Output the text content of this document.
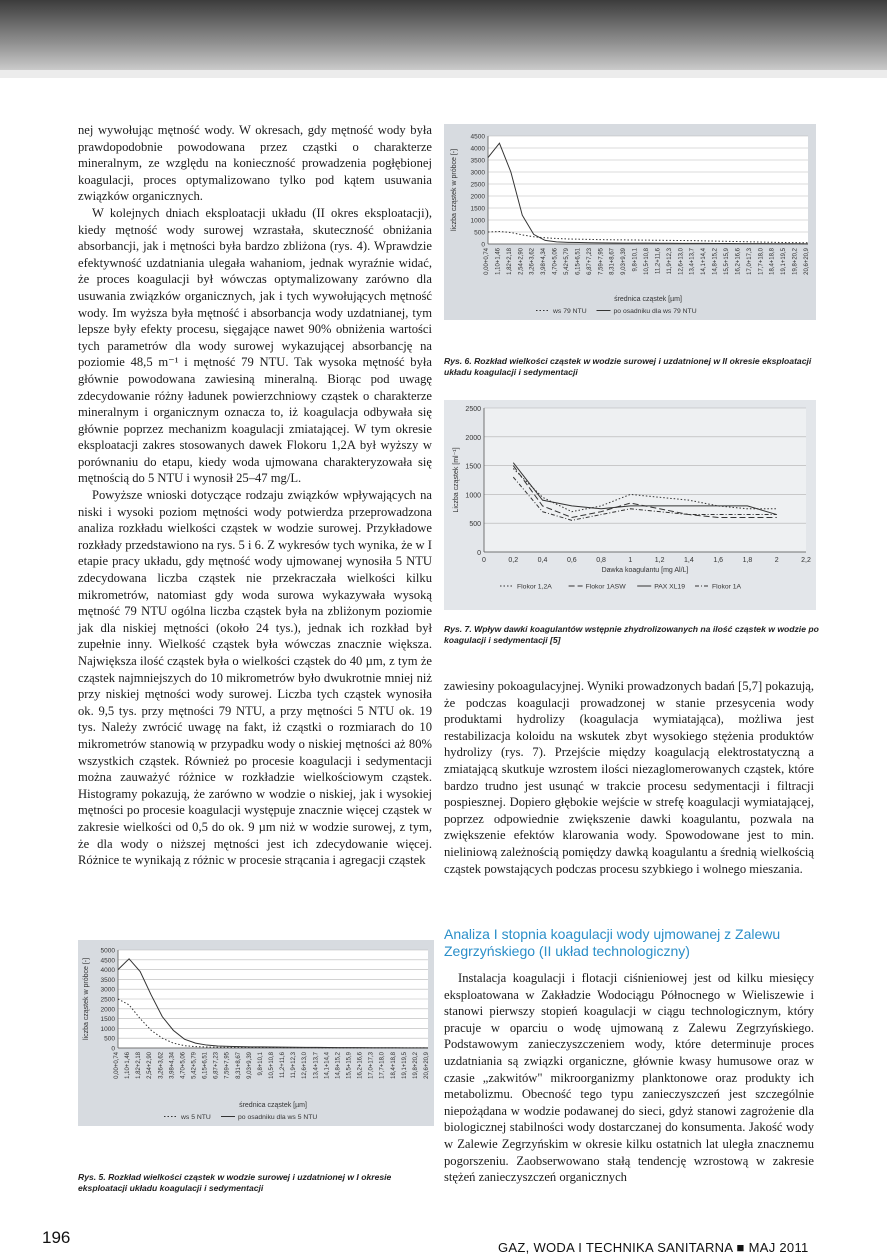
nej wywołując mętność wody. W okresach, gdy mętność wody była prawdopodobnie powodowana przez cząstki o charakterze mineralnym, ze względu na konieczność prowadzenia pogłębionej koagulacji, proces optymalizowano tylko pod kątem usuwania związków organicznych.

W kolejnych dniach eksploatacji układu (II okres eksploatacji), kiedy mętność wody surowej wzrastała, skuteczność obniżania absorbancji, jak i mętności była bardzo zbliżona (rys. 4). Wprawdzie efektywność uzdatniania ulegała wahaniom, jednak wyraźnie widać, że proces koagulacji był wówczas optymalizowany zarówno dla usuwania związków organicznych, jak i tych wywołujących mętność wody. Im wyższa była mętność i absorbancja wody uzdatnianej, tym lepsze były efekty procesu, sięgające nawet 90% obniżenia wartości tych parametrów dla wody surowej wykazującej absorbancję na poziomie 48,5 m⁻¹ i mętność 79 NTU. Tak wysoka mętność była głównie powodowana zawiesiną mineralną. Biorąc pod uwagę zdecydowanie różny ładunek powierzchniowy cząstek o charakterze mineralnym i organicznym oznacza to, iż koagulacja odbywała się głównie poprzez mechanizm koagulacji zmiatającej. W tym okresie eksploatacji zakres stosowanych dawek Flokoru 1,2A był wyższy w porównaniu do etapu, kiedy woda ujmowana charakteryzowała się mętnością do 5 NTU i wynosił 25–47 mg/L.

Powyższe wnioski dotyczące rodzaju związków wpływających na niski i wysoki poziom mętności wody potwierdza przeprowadzona analiza rozkładu wielkości cząstek w wodzie surowej. Przykładowe rozkłady przedstawiono na rys. 5 i 6. Z wykresów tych wynika, że w I etapie pracy układu, gdy mętność wody ujmowanej wynosiła 5 NTU zdecydowana liczba cząstek nie przekraczała wielkości kilku mikrometrów, natomiast gdy woda surowa wykazywała wysoką mętność 79 NTU ogólna liczba cząstek była na zbliżonym poziomie jak dla niskiej mętności (około 24 tys.), jednak ich rozkład był zupełnie inny. Wielkość cząstek była wówczas znacznie większa. Największa ilość cząstek była o wielkości cząstek do 40 µm, z tym że cząstek najmniejszych do 10 mikrometrów było dwukrotnie mniej niż przy niskiej mętności wody surowej. Liczba tych cząstek wynosiła ok. 9,5 tys. przy mętności 79 NTU, a przy mętności 5 NTU ok. 19 tys. Należy zwrócić uwagę na fakt, iż cząstki o rozmiarach do 10 mikrometrów stanowią w przypadku wody o niskiej mętności aż 80% wszystkich cząstek. Również po procesie koagulacji i sedymentacji można zauważyć różnice w rozkładzie wielkościowym cząstek. Histogramy pokazują, że zarówno w wodzie o niskiej, jak i wysokiej mętności po procesie koagulacji występuje znacznie więcej cząstek w zakresie wielkości od 0,5 do ok. 9 µm niż w wodzie surowej, z tym, że dla wody o niższej mętności jest ich zdecydowanie więcej. Różnice te wynikają z różnic w procesie strącania i agregacji cząstek

4500
4000
3500
3000
2500
2000
1500
1000
500
0
0,00+0,74 1,10+1,46 1,82+2,18 2,54+2,90 3,26+3,62 3,98+4,34 4,70+5,06 5,42+5,79 6,15+6,51 6,87+7,23 7,59+7,95 8,31+8,67 9,03+9,39 9,8+10,1 10,5+10,8 11,2+11,6 11,9+12,3 12,6+13,0 13,4+13,7 14,1+14,4 14,8+15,2 15,5+15,9 16,2+16,6 17,0+17,3 17,7+18,0 18,4+18,8 19,1+19,5 19,8+20,2 20,6+20,9
liczba cząstek w próbce [-]
średnica cząstek [µm]
ws 79 NTU	po osadniku dla ws 79 NTU
Rys. 6. Rozkład wielkości cząstek w wodzie surowej i uzdatnionej w II okresie eksploatacji układu koagulacji i sedymentacji
2500
2000
1500
1000
500
0
0	0,2	0,4	0,6	0,8	1	1,2	1,4	1,6	1,8	2	2,2
Liczba cząstek [ml⁻¹]
Dawka koagulantu [mg Al/L]
Flokor 1,2A	Flokor 1ASW	PAX XL19	Flokor 1A
Rys. 7. Wpływ dawki koagulantów wstępnie zhydrolizowanych na ilość cząstek w wodzie po koagulacji i sedymentacji [5]

zawiesiny pokoagulacyjnej. Wyniki prowadzonych badań [5,7] pokazują, że podczas koagulacji prowadzonej w stanie przesycenia wody produktami hydrolizy (koagulacja wymiatająca), możliwa jest restabilizacja koloidu na wskutek zbyt wysokiego stężenia produktów hydrolizy (rys. 7). Przejście między koagulacją elektrostatyczną a zmiatającą skutkuje wzrostem ilości niezaglomerowanych cząstek, które bardzo trudno jest usunąć w trakcie procesu sedymentacji i filtracji pospiesznej. Dopiero głębokie wejście w strefę koagulacji wymiatającej, poprzez odpowiednie zwiększenie dawki koagulantu, pozwala na zwiększenie efektów klarowania wody. Spowodowane jest to min. nieliniową zależnością pomiędzy dawką koagulantu a średnią wielkością cząstek powstających podczas procesu szybkiego i wolnego mieszania.

Analiza I stopnia koagulacji wody ujmowanej z Zalewu Zegrzyńskiego (II układ technologiczny)

Instalacja koagulacji i flotacji ciśnieniowej jest od kilku miesięcy eksploatowana w Zakładzie Wodociągu Północnego w Wieliszewie i stanowi pierwszy stopień koagulacji w ciągu technologicznym, który pracuje w oparciu o wodę ujmowaną z Zalewu Zegrzyńskiego. Podstawowym zanieczyszczeniem wody, które determinuje proces uzdatniania są związki organiczne, głównie kwasy humusowe oraz w czasie „zakwitów" mikroorganizmy planktonowe oraz produkty ich metabolizmu. Obecność tego typu zanieczyszczeń jest szczególnie niepożądana w wodzie podawanej do sieci, gdyż stanowi zagrożenie dla biologicznej stabilności wody dostarczanej do konsumenta. Jakość wody w Zalewie Zegrzyńskim w okresie kilku ostatnich lat uległa znacznemu pogorszeniu. Zaobserwowano stałą tendencję wzrostową w zakresie stężeń zanieczyszczeń organicznych

5000
4500
4000
3500
3000
2500
2000
1500
1000
500
0
0,00+0,74 1,10+1,46 1,82+2,18 2,54+2,90 3,26+3,62 3,98+4,34 4,70+5,06 5,42+5,79 6,15+6,51 6,87+7,23 7,59+7,95 8,31+8,67 9,03+9,39 9,8+10,1 10,5+10,8 11,2+11,6 11,9+12,3 12,6+13,0 13,4+13,7 14,1+14,4 14,8+15,2 15,5+15,9 16,2+16,6 17,0+17,3 17,7+18,0 18,4+18,8 19,1+19,5 19,8+20,2 20,6+20,9
liczba cząstek w próbce [-]
średnica cząstek [µm]
ws 5 NTU	po osadniku dla ws 5 NTU
Rys. 5. Rozkład wielkości cząstek w wodzie surowej i uzdatnionej w I okresie eksploatacji układu koagulacji i sedymentacji
196
GAZ, WODA I TECHNIKA SANITARNA ■ MAJ 2011
